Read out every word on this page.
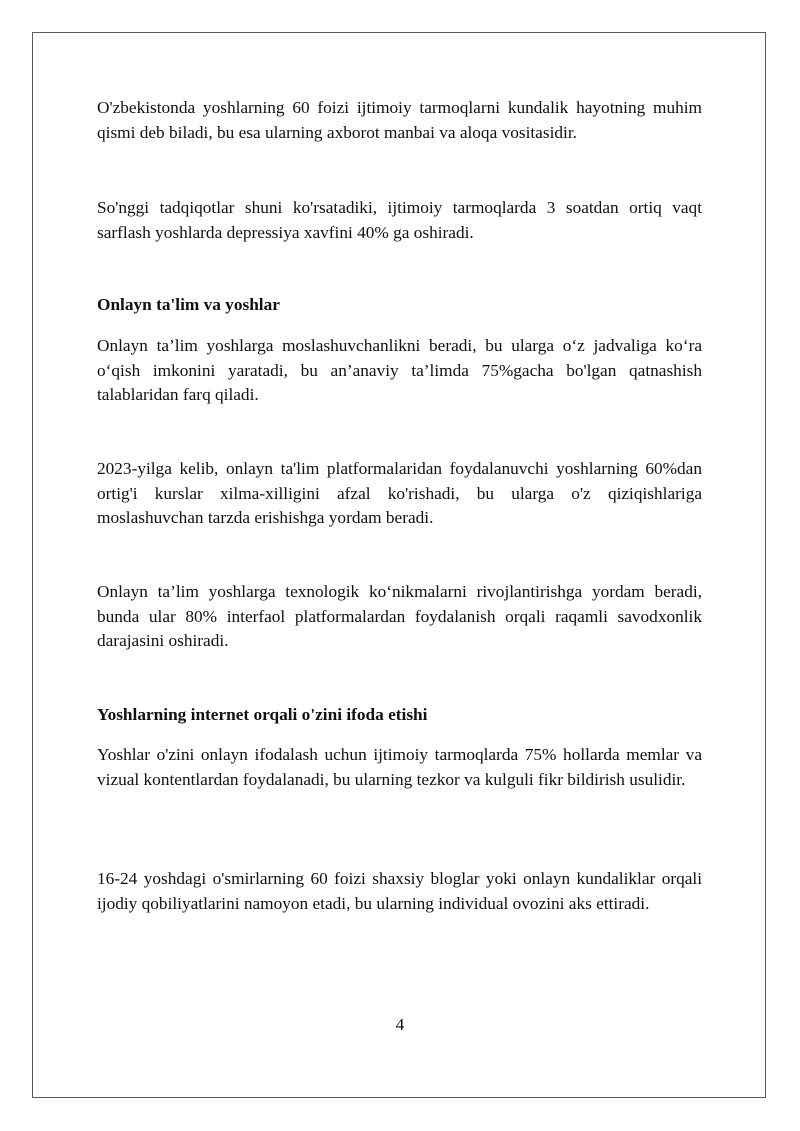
O'zbekistonda yoshlarning 60 foizi ijtimoiy tarmoqlarni kundalik hayotning muhim qismi deb biladi, bu esa ularning axborot manbai va aloqa vositasidir.

So'nggi tadqiqotlar shuni ko'rsatadiki, ijtimoiy tarmoqlarda 3 soatdan ortiq vaqt sarflash yoshlarda depressiya xavfini 40% ga oshiradi.

Onlayn ta'lim va yoshlar

Onlayn ta’lim yoshlarga moslashuvchanlikni beradi, bu ularga o‘z jadvaliga ko‘ra o‘qish imkonini yaratadi, bu an’anaviy ta’limda 75%gacha bo'lgan qatnashish talablaridan farq qiladi.

2023-yilga kelib, onlayn ta'lim platformalaridan foydalanuvchi yoshlarning 60%dan ortig'i kurslar xilma-xilligini afzal ko'rishadi, bu ularga o'z qiziqishlariga moslashuvchan tarzda erishishga yordam beradi.

Onlayn ta’lim yoshlarga texnologik ko‘nikmalarni rivojlantirishga yordam beradi, bunda ular 80% interfaol platformalardan foydalanish orqali raqamli savodxonlik darajasini oshiradi.

Yoshlarning internet orqali o'zini ifoda etishi

Yoshlar o'zini onlayn ifodalash uchun ijtimoiy tarmoqlarda 75% hollarda memlar va vizual kontentlardan foydalanadi, bu ularning tezkor va kulguli fikr bildirish usulidir.

16-24 yoshdagi o'smirlarning 60 foizi shaxsiy bloglar yoki onlayn kundaliklar orqali ijodiy qobiliyatlarini namoyon etadi, bu ularning individual ovozini aks ettiradi.

4
